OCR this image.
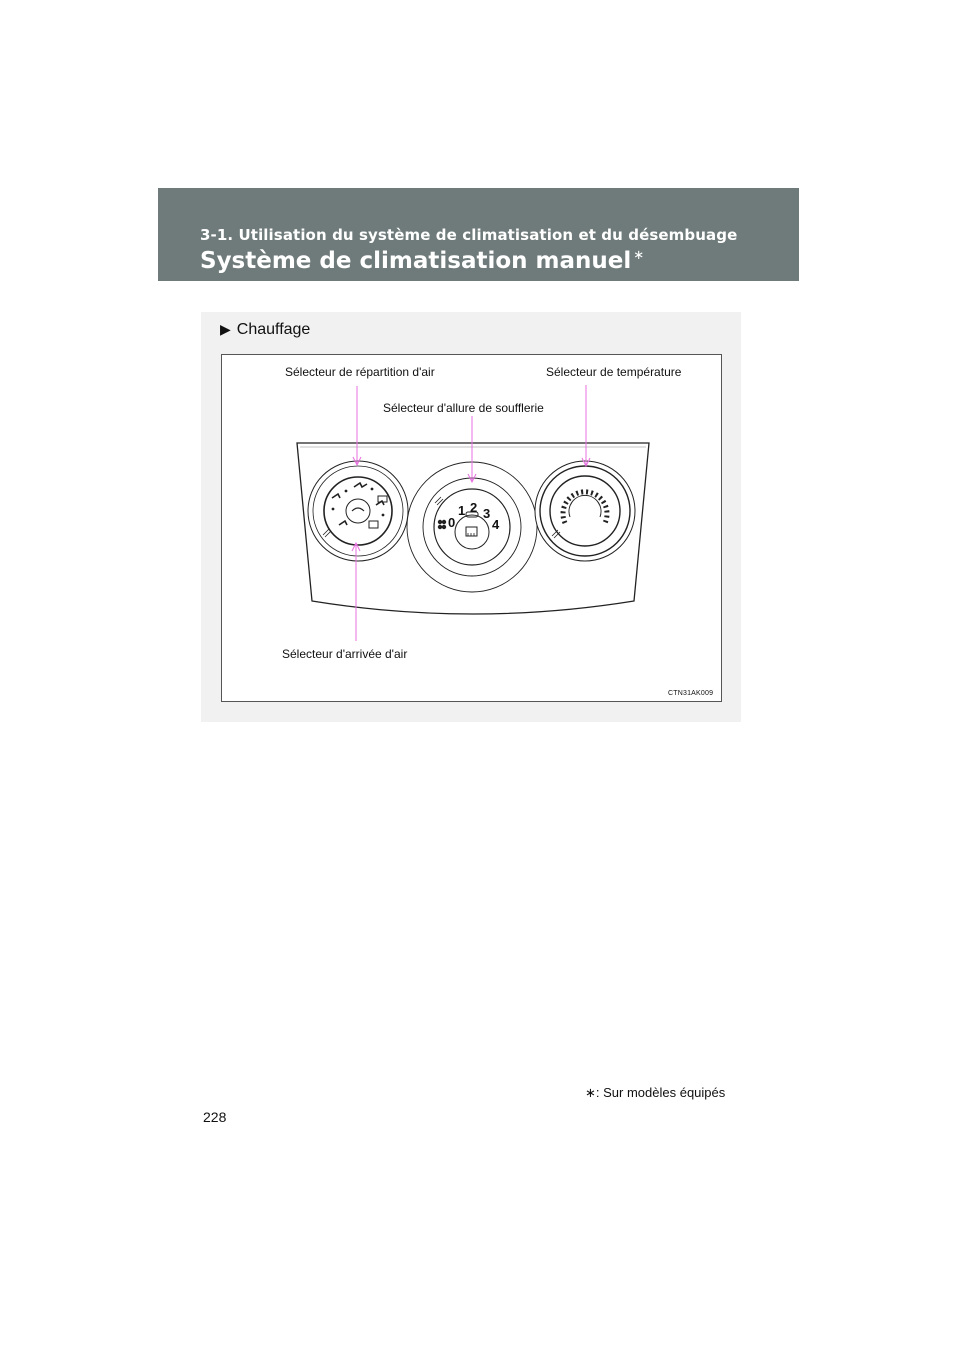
3-1. Utilisation du système de climatisation et du désembuage
Système de climatisation manuel ∗
▶ Chauffage
0
1 2 3
4
Sélecteur de répartition d'air	Sélecteur de température
Sélecteur d'allure de soufflerie
Sélecteur d'arrivée d'air
CTN31AK009
∗: Sur modèles équipés
228
